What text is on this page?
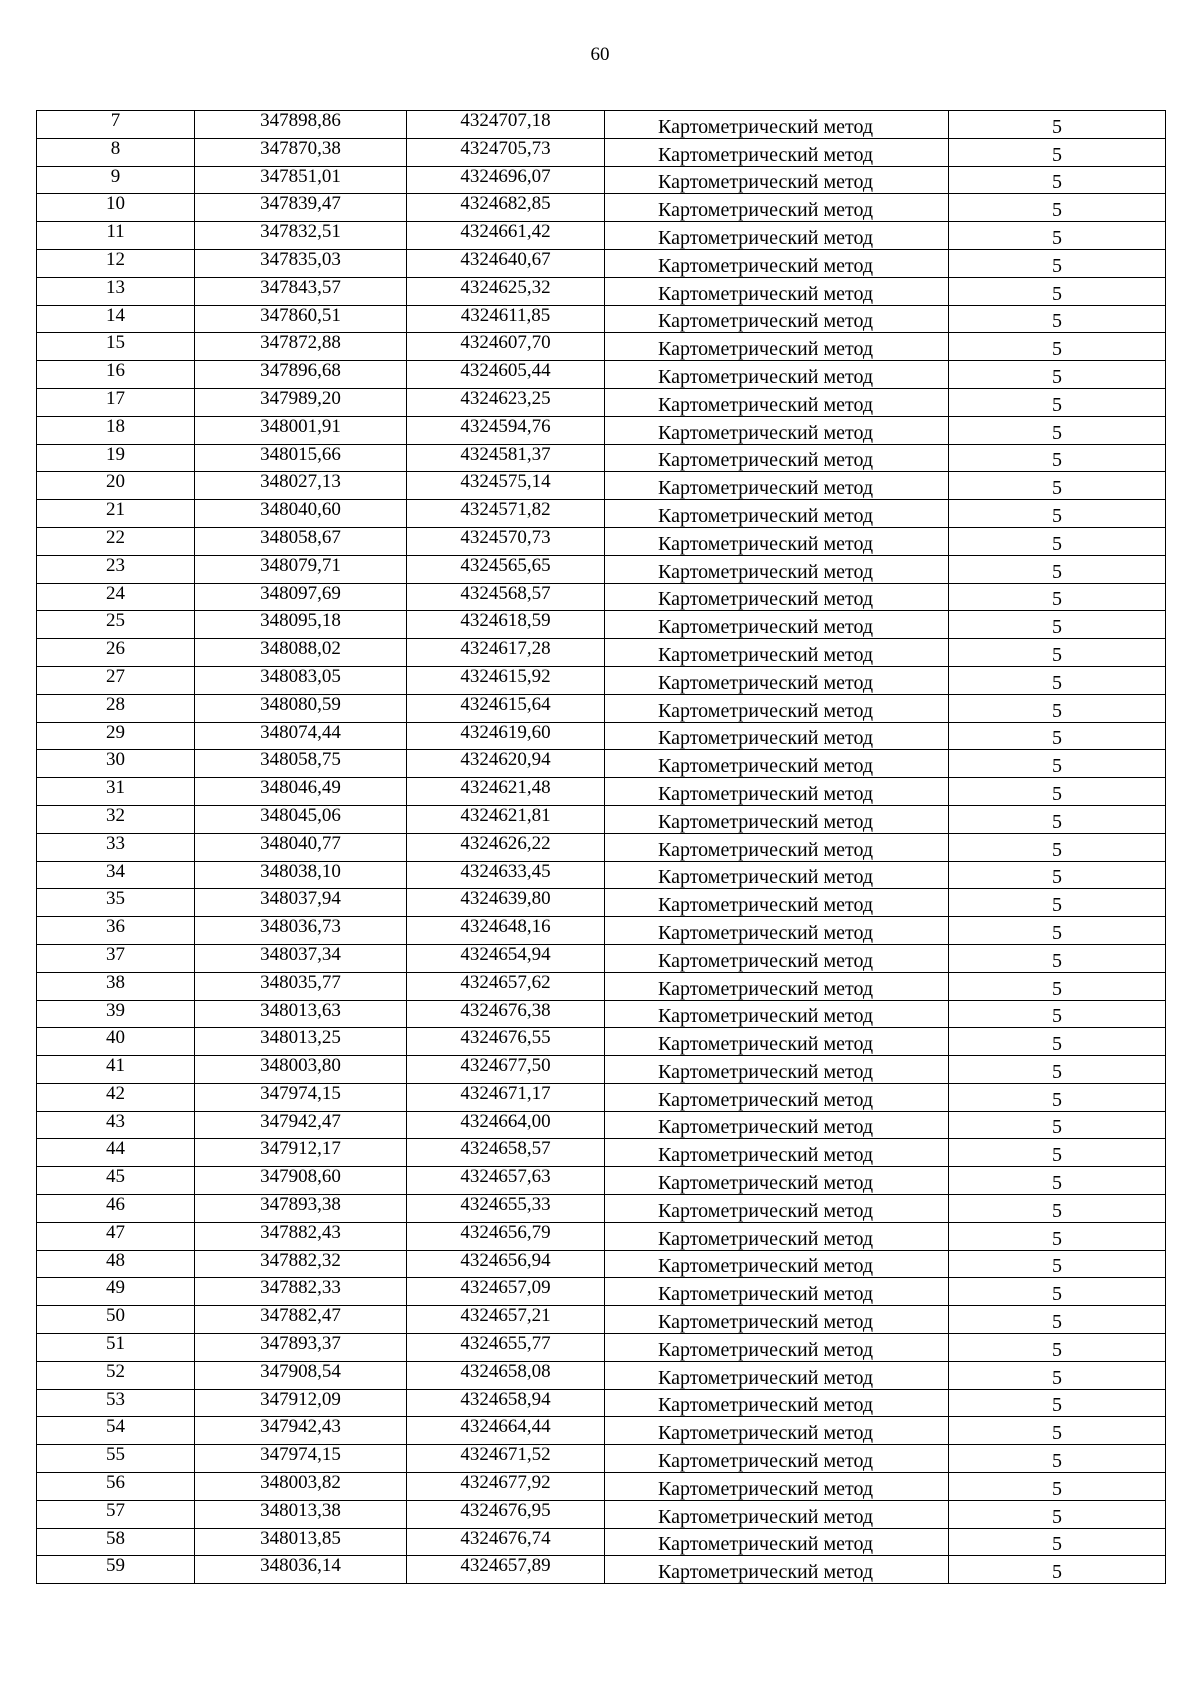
60
7	347898,86	4324707,18	Картометрический метод	5
8	347870,38	4324705,73	Картометрический метод	5
9	347851,01	4324696,07	Картометрический метод	5
10	347839,47	4324682,85	Картометрический метод	5
11	347832,51	4324661,42	Картометрический метод	5
12	347835,03	4324640,67	Картометрический метод	5
13	347843,57	4324625,32	Картометрический метод	5
14	347860,51	4324611,85	Картометрический метод	5
15	347872,88	4324607,70	Картометрический метод	5
16	347896,68	4324605,44	Картометрический метод	5
17	347989,20	4324623,25	Картометрический метод	5
18	348001,91	4324594,76	Картометрический метод	5
19	348015,66	4324581,37	Картометрический метод	5
20	348027,13	4324575,14	Картометрический метод	5
21	348040,60	4324571,82	Картометрический метод	5
22	348058,67	4324570,73	Картометрический метод	5
23	348079,71	4324565,65	Картометрический метод	5
24	348097,69	4324568,57	Картометрический метод	5
25	348095,18	4324618,59	Картометрический метод	5
26	348088,02	4324617,28	Картометрический метод	5
27	348083,05	4324615,92	Картометрический метод	5
28	348080,59	4324615,64	Картометрический метод	5
29	348074,44	4324619,60	Картометрический метод	5
30	348058,75	4324620,94	Картометрический метод	5
31	348046,49	4324621,48	Картометрический метод	5
32	348045,06	4324621,81	Картометрический метод	5
33	348040,77	4324626,22	Картометрический метод	5
34	348038,10	4324633,45	Картометрический метод	5
35	348037,94	4324639,80	Картометрический метод	5
36	348036,73	4324648,16	Картометрический метод	5
37	348037,34	4324654,94	Картометрический метод	5
38	348035,77	4324657,62	Картометрический метод	5
39	348013,63	4324676,38	Картометрический метод	5
40	348013,25	4324676,55	Картометрический метод	5
41	348003,80	4324677,50	Картометрический метод	5
42	347974,15	4324671,17	Картометрический метод	5
43	347942,47	4324664,00	Картометрический метод	5
44	347912,17	4324658,57	Картометрический метод	5
45	347908,60	4324657,63	Картометрический метод	5
46	347893,38	4324655,33	Картометрический метод	5
47	347882,43	4324656,79	Картометрический метод	5
48	347882,32	4324656,94	Картометрический метод	5
49	347882,33	4324657,09	Картометрический метод	5
50	347882,47	4324657,21	Картометрический метод	5
51	347893,37	4324655,77	Картометрический метод	5
52	347908,54	4324658,08	Картометрический метод	5
53	347912,09	4324658,94	Картометрический метод	5
54	347942,43	4324664,44	Картометрический метод	5
55	347974,15	4324671,52	Картометрический метод	5
56	348003,82	4324677,92	Картометрический метод	5
57	348013,38	4324676,95	Картометрический метод	5
58	348013,85	4324676,74	Картометрический метод	5
59	348036,14	4324657,89	Картометрический метод	5
